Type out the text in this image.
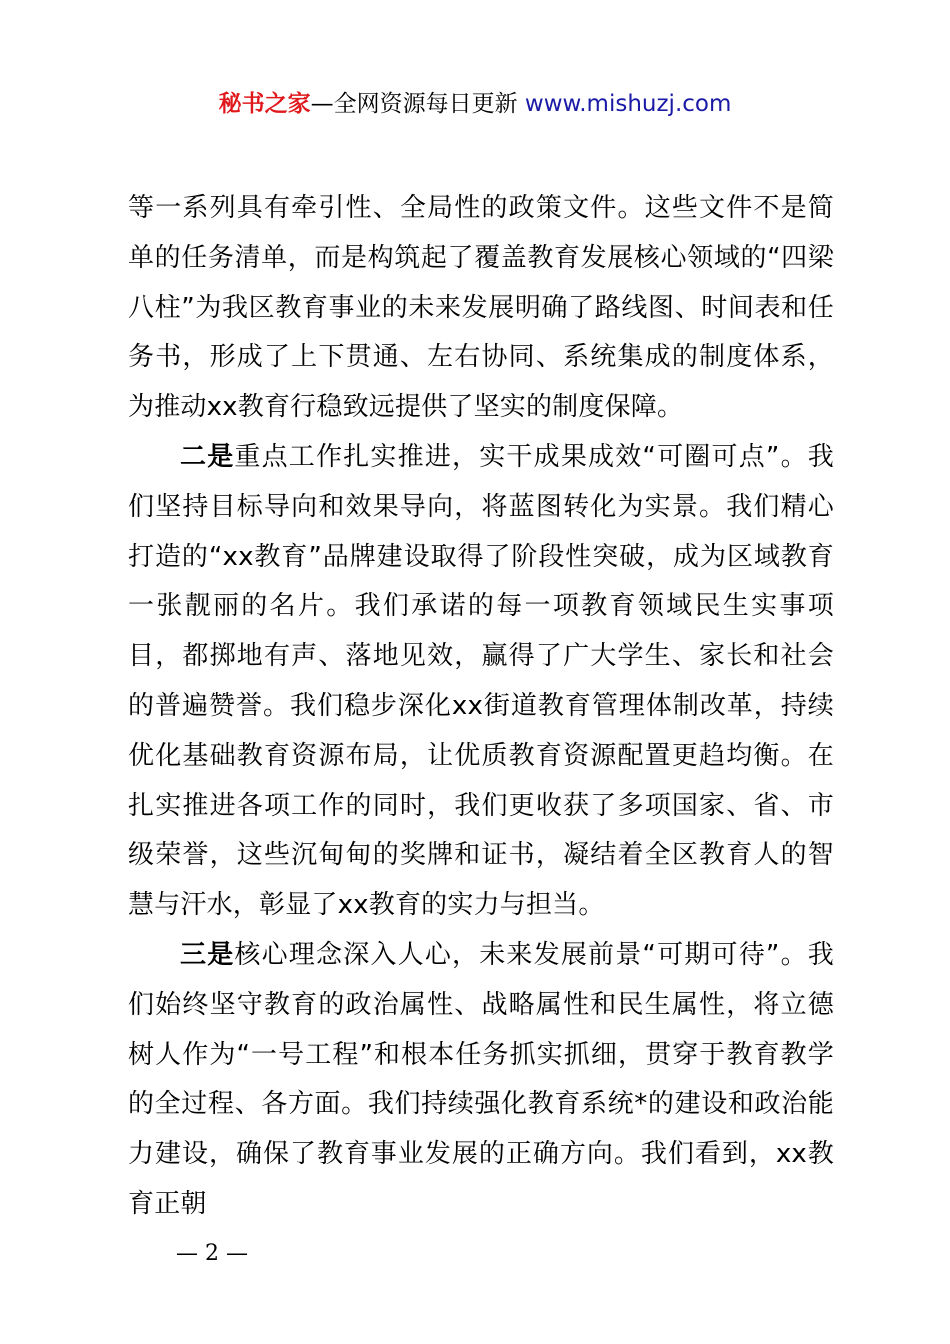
秘书之家—全网资源每日更新 www.mishuzj.com

等一系列具有牵引性、全局性的政策文件。这些文件不是简单的任务清单，而是构筑起了覆盖教育发展核心领域的“四梁八柱”为我区教育事业的未来发展明确了路线图、时间表和任务书，形成了上下贯通、左右协同、系统集成的制度体系，为推动xx教育行稳致远提供了坚实的制度保障。

二是重点工作扎实推进，实干成果成效“可圈可点”。我们坚持目标导向和效果导向，将蓝图转化为实景。我们精心打造的“xx教育”品牌建设取得了阶段性突破，成为区域教育一张靓丽的名片。我们承诺的每一项教育领域民生实事项目，都掷地有声、落地见效，赢得了广大学生、家长和社会的普遍赞誉。我们稳步深化xx街道教育管理体制改革，持续优化基础教育资源布局，让优质教育资源配置更趋均衡。在扎实推进各项工作的同时，我们更收获了多项国家、省、市级荣誉，这些沉甸甸的奖牌和证书，凝结着全区教育人的智慧与汗水，彰显了xx教育的实力与担当。

三是核心理念深入人心，未来发展前景“可期可待”。我们始终坚守教育的政治属性、战略属性和民生属性，将立德树人作为“一号工程”和根本任务抓实抓细，贯穿于教育教学的全过程、各方面。我们持续强化教育系统*的建设和政治能力建设，确保了教育事业发展的正确方向。我们看到，xx教育正朝

— 2 —
